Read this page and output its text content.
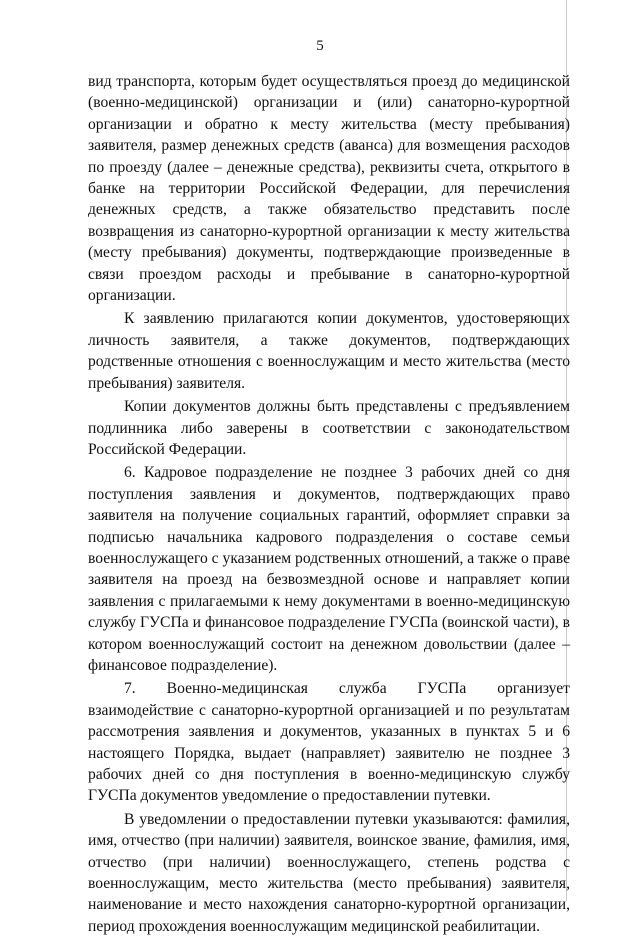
5

вид транспорта, которым будет осуществляться проезд до медицинской (военно-медицинской) организации и (или) санаторно-курортной организации и обратно к месту жительства (месту пребывания) заявителя, размер денежных средств (аванса) для возмещения расходов по проезду (далее – денежные средства), реквизиты счета, открытого в банке на территории Российской Федерации, для перечисления денежных средств, а также обязательство представить после возвращения из санаторно-курортной организации к месту жительства (месту пребывания) документы, подтверждающие произведенные в связи проездом расходы и пребывание в санаторно-курортной организации.

К заявлению прилагаются копии документов, удостоверяющих личность заявителя, а также документов, подтверждающих родственные отношения с военнослужащим и место жительства (место пребывания) заявителя.

Копии документов должны быть представлены с предъявлением подлинника либо заверены в соответствии с законодательством Российской Федерации.

6. Кадровое подразделение не позднее 3 рабочих дней со дня поступления заявления и документов, подтверждающих право заявителя на получение социальных гарантий, оформляет справки за подписью начальника кадрового подразделения о составе семьи военнослужащего с указанием родственных отношений, а также о праве заявителя на проезд на безвозмездной основе и направляет копии заявления с прилагаемыми к нему документами в военно-медицинскую службу ГУСПа и финансовое подразделение ГУСПа (воинской части), в котором военнослужащий состоит на денежном довольствии (далее – финансовое подразделение).

7. Военно-медицинская служба ГУСПа организует взаимодействие с санаторно-курортной организацией и по результатам рассмотрения заявления и документов, указанных в пунктах 5 и 6 настоящего Порядка, выдает (направляет) заявителю не позднее 3 рабочих дней со дня поступления в военно-медицинскую службу ГУСПа документов уведомление о предоставлении путевки.

В уведомлении о предоставлении путевки указываются: фамилия, имя, отчество (при наличии) заявителя, воинское звание, фамилия, имя, отчество (при наличии) военнослужащего, степень родства с военнослужащим, место жительства (место пребывания) заявителя, наименование и место нахождения санаторно-курортной организации, период прохождения военнослужащим медицинской реабилитации.
